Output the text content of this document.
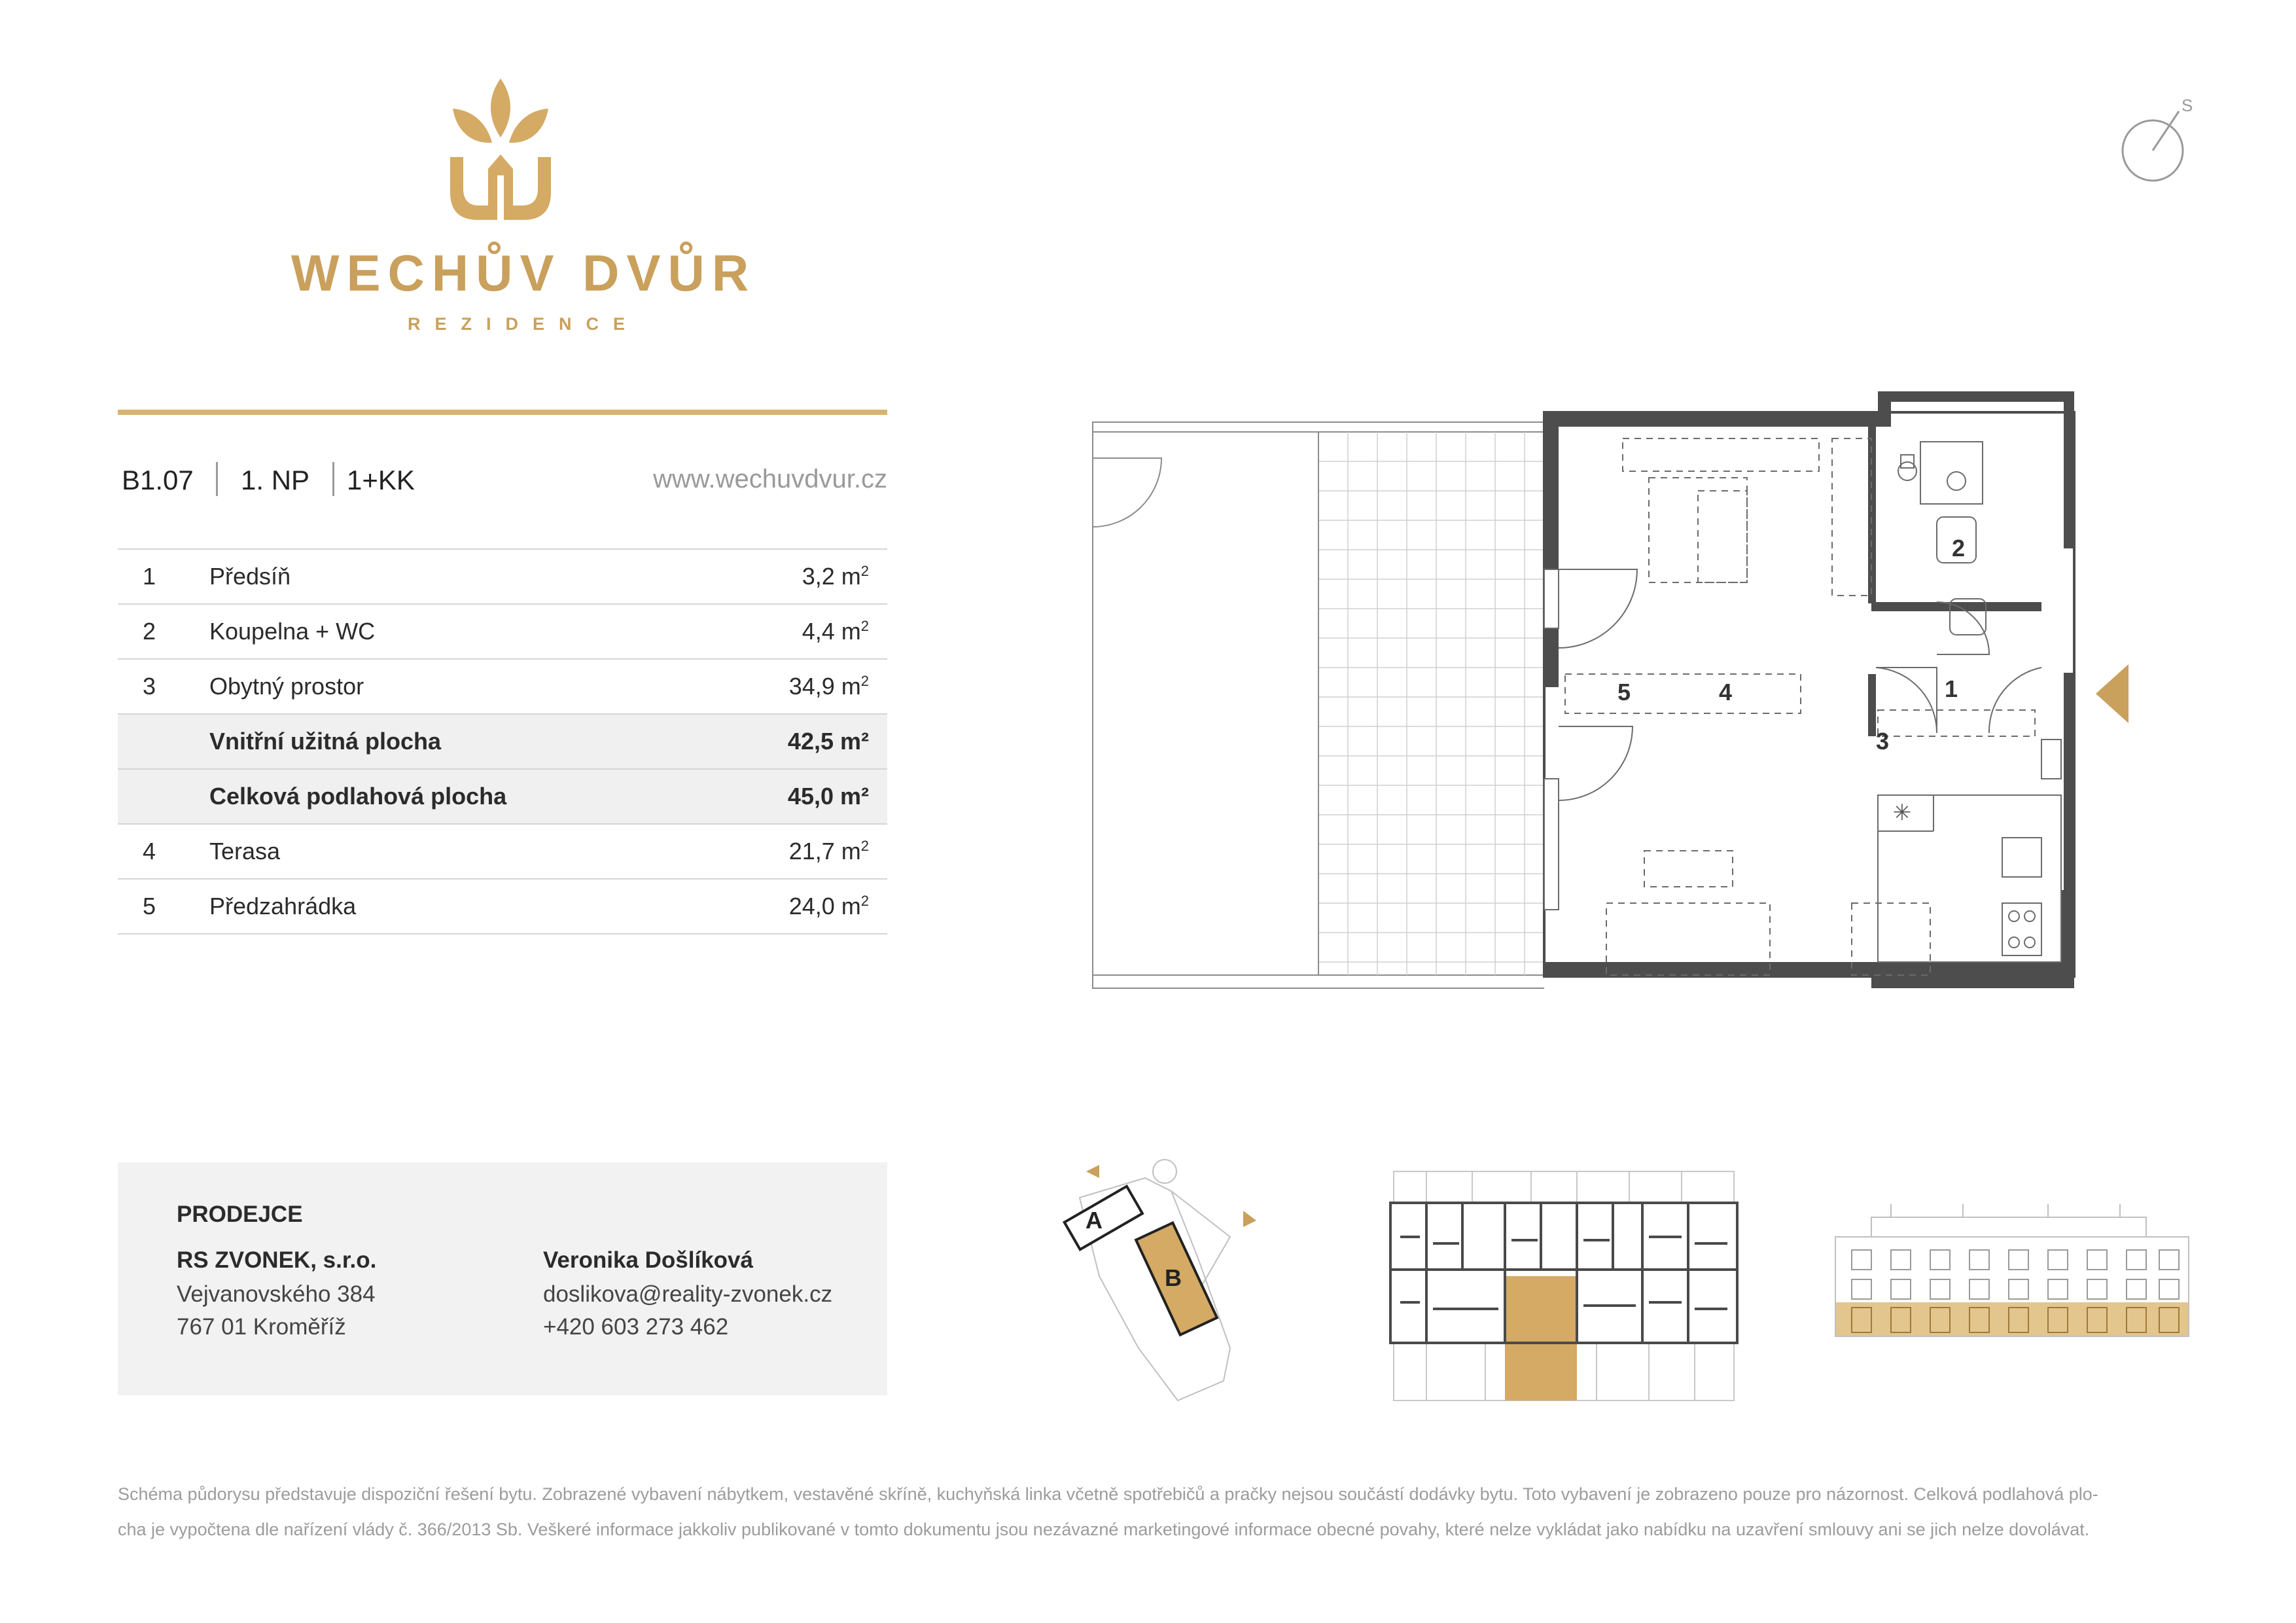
WECHŮV DVŮR
REZIDENCE
B1.07 1. NP 1+KK	www.wechuvdvur.cz
1	Předsíň	3,2 $m^2$
2	Koupelna + WC	4,4 $m^2$
3	Obytný prostor	34,9 $m^2$
	Vnitřní užitná plocha	42,5 m²
	Celková podlahová plocha	45,0 m²
4	Terasa	21,7 $m^2$
5	Předzahrádka	24,0 $m^2$
S
✳
1
2
3
4
5
PRODEJCE
RS ZVONEK, s.r.o.
Vejvanovského 384
767 01 Kroměříž
Veronika Došlíková
doslikova@reality-zvonek.cz
+420 603 273 462
A
B
Schéma půdorysu představuje dispoziční řešení bytu. Zobrazené vybavení nábytkem, vestavěné skříně, kuchyňská linka včetně spotřebičů a pračky nejsou součástí dodávky bytu. Toto vybavení je zobrazeno pouze pro názornost. Celková podlahová plo-
cha je vypočtena dle nařízení vlády č. 366/2013 Sb. Veškeré informace jakkoliv publikované v tomto dokumentu jsou nezávazné marketingové informace obecné povahy, které nelze vykládat jako nabídku na uzavření smlouvy ani se jich nelze dovolávat.
